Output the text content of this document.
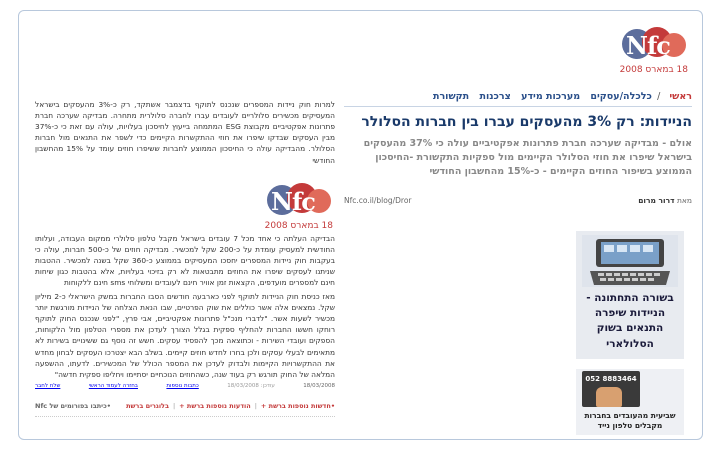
Nfc
18 במארס 2008
ראשי/ כלכלה/עסקים מערכות מידע צרכנות תקשורת
הניידות: רק 3% מהעסקים עברו בין חברות הסלולר

אולם - מבדיקה שערכה חברת פתרונות אפקטיביים עולה כי 37% מהעסקים בישראל שיפרו את חוזי הסלולר הקיימים מול ספקיות התקשורת -החיסכון הממוצע בשיפור החוזים הקיימים - כ-15% מהחשבון החודשי

מאת דרור מרום
Nfc.co.il/blog/Dror
בשורה התחתונה - הניידות שיפרה התנאים בשוק הסלולארי
052 8883464
שביעית מהעובדים בחברות מקבלים טלפון נייד

למרות חוק ניידות המספרים שנכנס לתוקף בדצמבר אשתקד, רק כ-3% מהעסקים בישראל המעסיקים מכשירים סלולריים לעובדים עברו לחברה סלולרית מתחרה. מבדיקה שערכה חברת פתרונות אפקטיביים מקבוצת ESG המתמחה בייעוץ לחיסכון בעלויות, עולה עם זאת כי כ-37% מבין העסקים שבדקו שיפרו את חוזי ההתקשרות הקיימים כדי לשפר את התנאים מול חברות הסלולר. מהבדיקה עולה כי החיסכון הממוצע לחברות ששיפרו חוזים עומד על 15% מהחשבון החודשי

Nfc
18 במארס 2008

הבדיקה העלתה כי אחד מכל 7 עובדים בישראל מקבל טלפון סלולרי ממקום העבודה, ועלותו החודשית למעסיק עומדת על כ-200 שקל למכשיר. מבדיקה חוזים של כ-500 חברות, עולה כי בעקבות חוק ניידות המספרים יחסכו המעסיקים בממוצע כ-360 שקל בשנה למכשיר. ההטבות שניתנו לעסקים שיפרו את החוזים מתבטאות לא רק בזיכוי בעלויות, אלא בהטבות כגון שיחות חינם למספרים מועדפים, הקצאות זמן אוויר חינם לעובדים ומשלוחי sms חינם ללקוחות

מאז כניסת חוק הניידות לתוקף לפני כארבעה חודשים הסבו החברות במשק הישראלי כ-2 מיליון שקל. נמצאים אלה אשר כוללים את שוק הפרטיים, שבו הנאת הצלחה של הניידות מורגשת יותר מכשיר לשעות אשר. "לדברי מנכ"ל פתרונות אפקטיביים, אבי פרץ, "לפני שנכנס החוק לתוקף רוחקו חששו החברות להחליף ספקית בגלל הצורך לעדכן את מספרי הטלפון מול הלקוחות, הספקים ועובדי השירות - וכתוצאה מכך להפסיד עסקים. חשש זה נוסף גם ששינויים בשירות לא מתאימים לבעלי עסקים ולכן בחרו לחדש חוזים קיימים. בשלב הבא יצטרכו העסקים לבחון מחדש את ההתקשרויות הקיימות ולבדוק לעדכן את המספר הכולל של המכשירים. לדעתו, ההשפעה המלאה של החוק תורגש רק בעוד שנה, כשהחוזים הנוכחיים יסתיימו ויחליפו ספקית חדשה"

18/03/2008
עודכן: 18/03/2008
כתבות נוספות
בחזרה לעמוד הראשי
שלח לחבר
•חדשות נוספות ברשת +
|
הודעות נוספות ברשת +
|
בלוגרים ברשת
•כיתבו בפורומים של Nfc
